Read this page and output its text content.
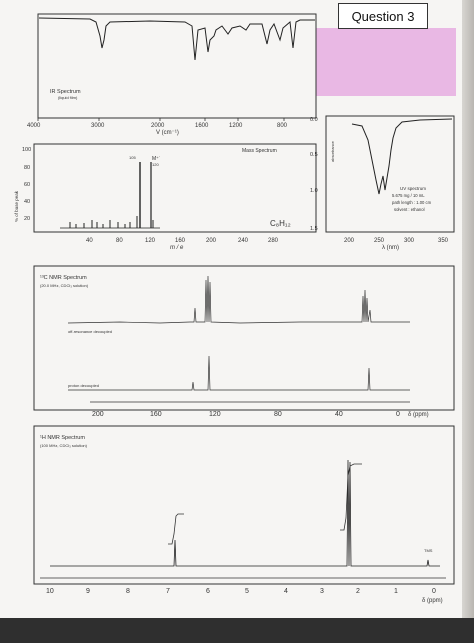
Question 3
IR Spectrum
(liquid film)
4000	3000	2000	1600	1200	800
V (cm⁻¹)
Mass Spectrum
% of base peak
100
80
60
40
20
105	M⁺˙
120
C₈H₁₂
40	80	120	160	200	240	280
m / e
absorbance
0.0
0.5
1.0
1.5
UV spectrum
5.675 mg / 10 mL
path length : 1.00 cm
solvent : ethanol
200	250	300	350
λ (nm)
¹³C NMR Spectrum
(20.0 MHz, CDCl₃ solution)
off-resonance decoupled
proton decoupled
200	160	120	80	40	0 δ (ppm)
¹H NMR Spectrum
(100 MHz, CDCl₃ solution)
TMS
10	9	8	7	6	5	4	3	2	1	0
δ (ppm)
